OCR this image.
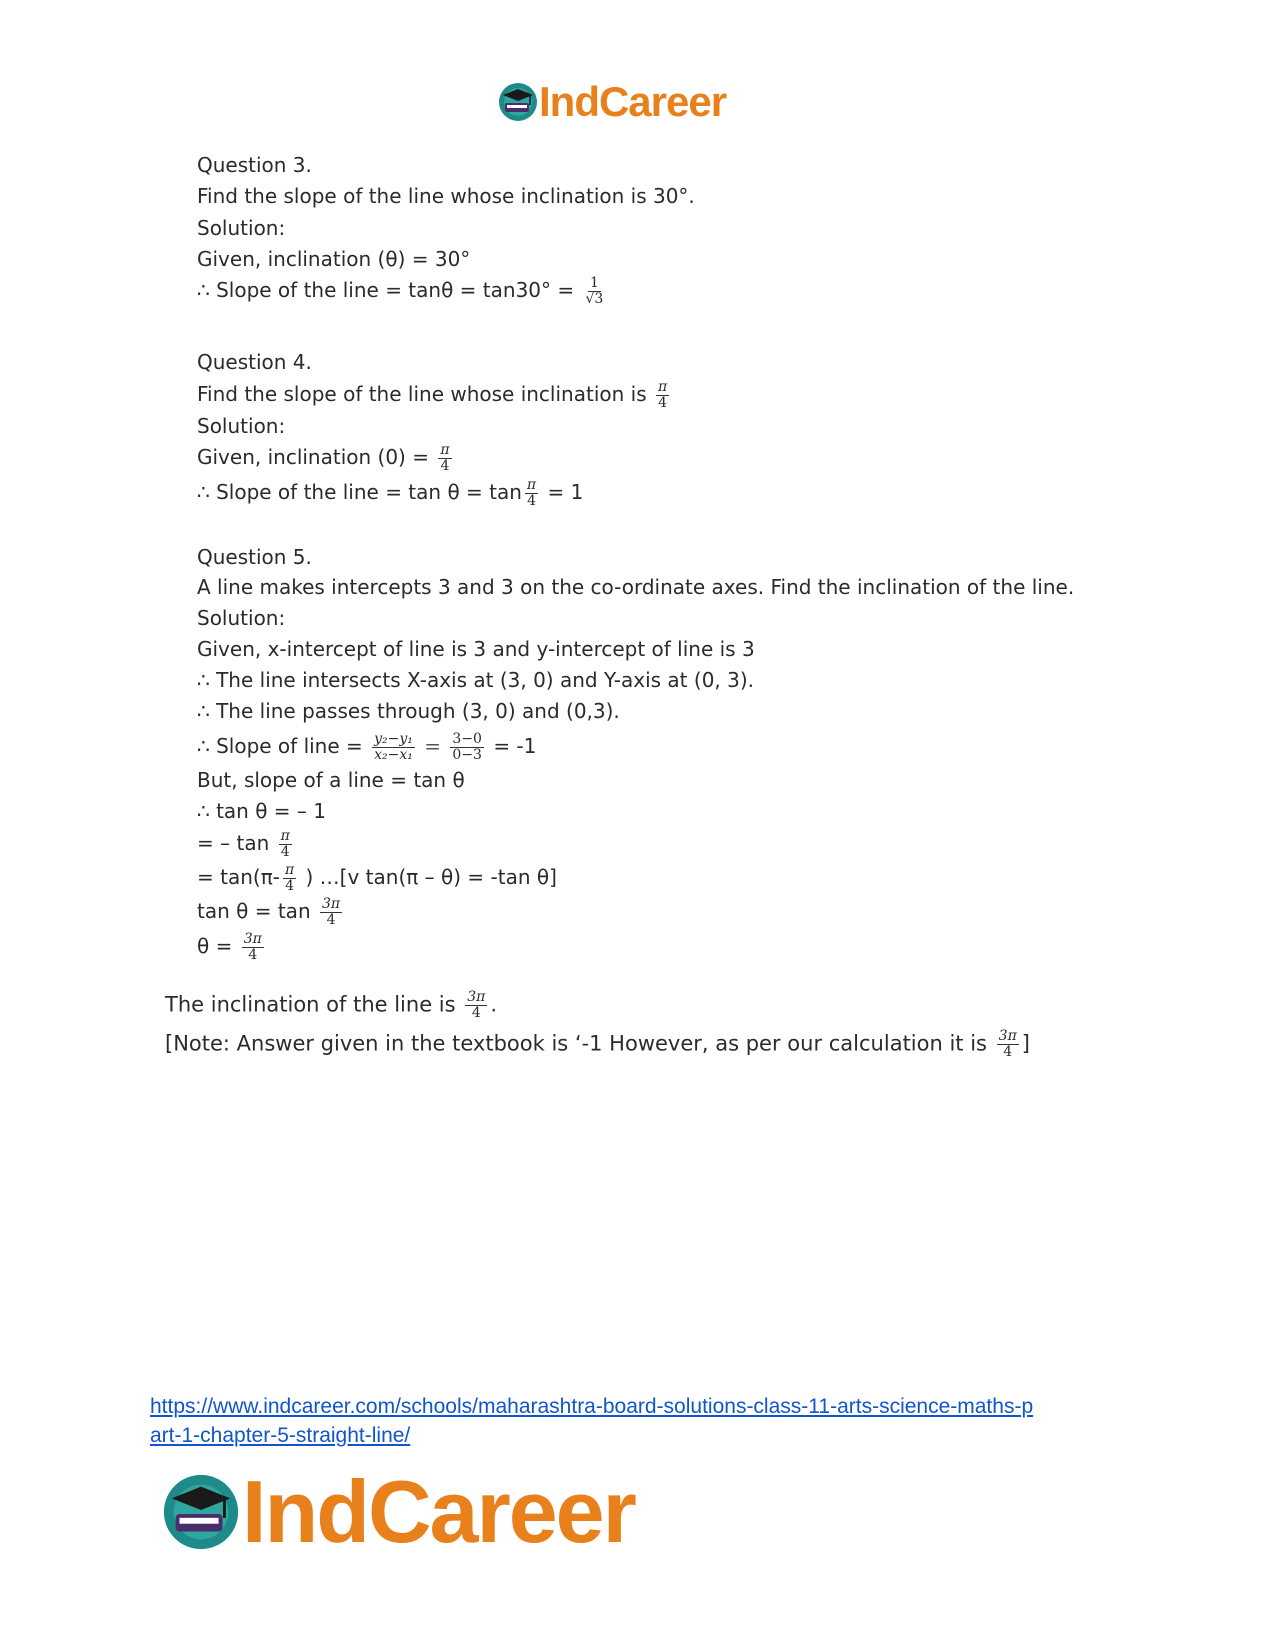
IndCareer
Question 3.
Find the slope of the line whose inclination is 30°.
Solution:
Given, inclination (θ) = 30°
∴ Slope of the line = $\tan\theta = \tan 30^\circ = \frac{1}{√3}$
Question 4.
Find the slope of the line whose inclination is $\frac{\pi}{4}$
Solution:
Given, inclination $(0) = \frac{\pi}{4}$
∴ Slope of the line = $\tan \theta = \tan \frac{\pi}{4} = 1$
Question 5.
A line makes intercepts 3 and 3 on the co-ordinate axes. Find the inclination of the line.
Solution:
Given, x-intercept of line is 3 and y-intercept of line is 3
∴ The line intersects X-axis at (3, 0) and Y-axis at (0, 3).
∴ The line passes through (3, 0) and (0,3).
∴ Slope of line = $\frac{\text{y₂−y₁}}{\text{x₂−x₁}} = \frac{3-0}{0-3} = -1$
But, slope of a line = tan θ
∴ tan θ = – 1
= – $\tan \frac{\pi}{4}$
= $\tan(\pi- \frac{\pi}{4}$ ) …[v tan(π – θ) = -tan θ]
$\tan \theta = \tan \frac{3\pi}{4}$
$\theta = \frac{3\pi}{4}$
The inclination of the line is $\frac{3\pi}{4}$ .
[Note: Answer given in the textbook is ‘-1 However, as per our calculation it is $\frac{3\pi}{4}$ ]
https://www.indcareer.com/schools/maharashtra-board-solutions-class-11-arts-science-maths-p
art-1-chapter-5-straight-line/
IndCareer
